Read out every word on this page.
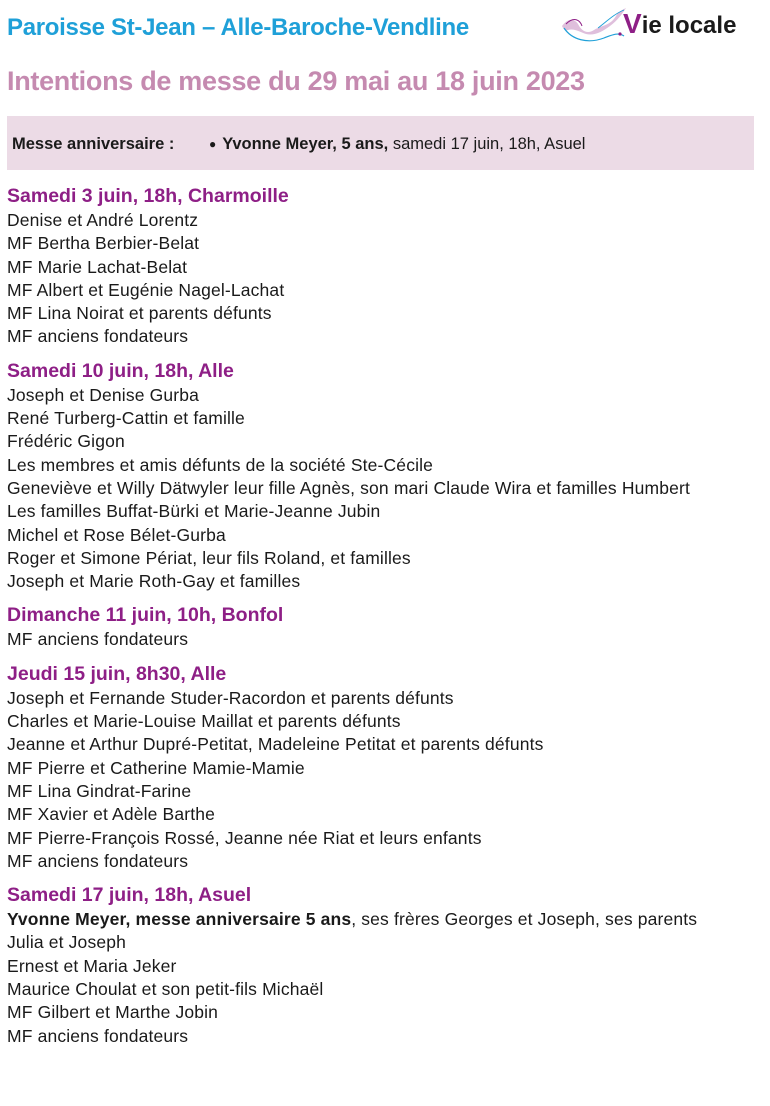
Paroisse St-Jean – Alle-Baroche-Vendline	Vie locale
Intentions de messe du 29 mai au 18 juin 2023
Messe anniversaire :	● Yvonne Meyer, 5 ans, samedi 17 juin, 18h, Asuel
Samedi 3 juin, 18h, Charmoille
Denise et André Lorentz
MF Bertha Berbier-Belat
MF Marie Lachat-Belat
MF Albert et Eugénie Nagel-Lachat
MF Lina Noirat et parents défunts
MF anciens fondateurs
Samedi 10 juin, 18h, Alle
Joseph et Denise Gurba
René Turberg-Cattin et famille
Frédéric Gigon
Les membres et amis défunts de la société Ste-Cécile
Geneviève et Willy Dätwyler leur fille Agnès, son mari Claude Wira et familles Humbert
Les familles Buffat-Bürki et Marie-Jeanne Jubin
Michel et Rose Bélet-Gurba
Roger et Simone Périat, leur fils Roland, et familles
Joseph et Marie Roth-Gay et familles
Dimanche 11 juin, 10h, Bonfol
MF anciens fondateurs
Jeudi 15 juin, 8h30, Alle
Joseph et Fernande Studer-Racordon et parents défunts
Charles et Marie-Louise Maillat et parents défunts
Jeanne et Arthur Dupré-Petitat, Madeleine Petitat et parents défunts
MF Pierre et Catherine Mamie-Mamie
MF Lina Gindrat-Farine
MF Xavier et Adèle Barthe
MF Pierre-François Rossé, Jeanne née Riat et leurs enfants
MF anciens fondateurs
Samedi 17 juin, 18h, Asuel
Yvonne Meyer, messe anniversaire 5 ans, ses frères Georges et Joseph, ses parents
Julia et Joseph
Ernest et Maria Jeker
Maurice Choulat et son petit-fils Michaël
MF Gilbert et Marthe Jobin
MF anciens fondateurs
